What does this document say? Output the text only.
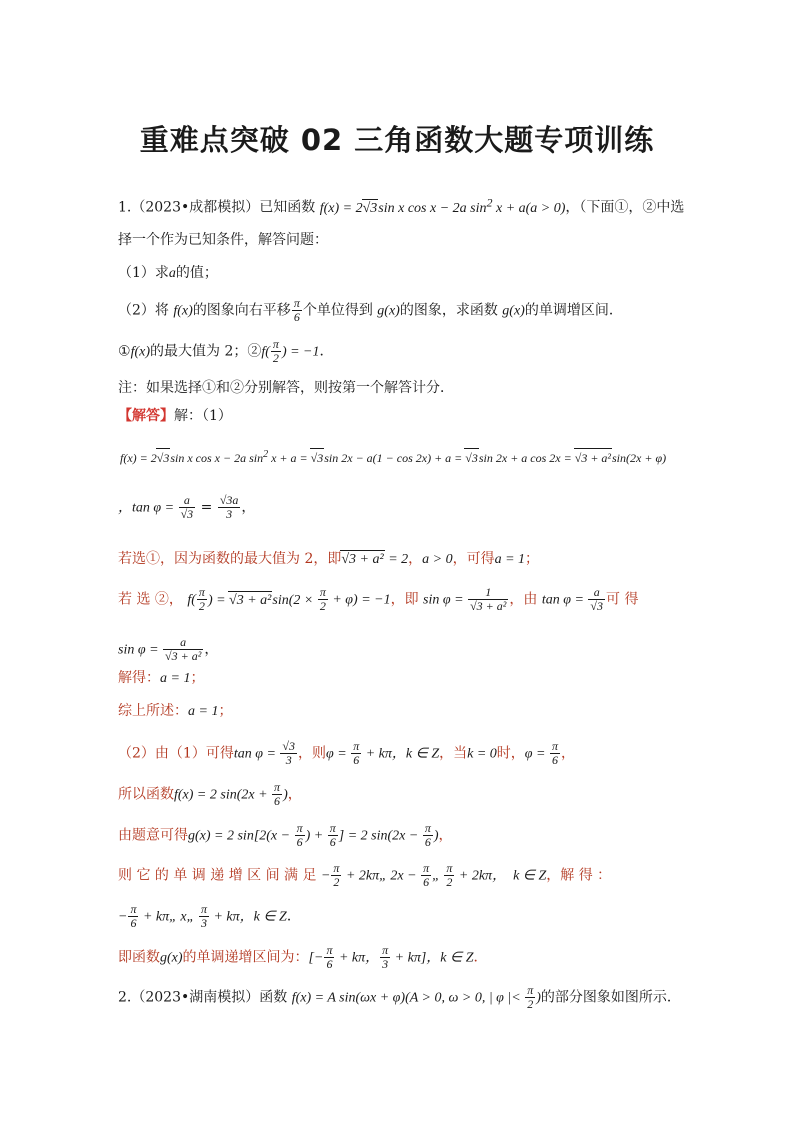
重难点突破 02 三角函数大题专项训练
1.（2023•成都模拟）已知函数 f(x) = 2√3sin x cos x − 2a $\sin^2 x + a(a > 0)$，（下面①，②中选
择一个作为已知条件，解答问题：
（1）求a的值；
（2）将 f(x)的图象向右平移 $\frac{\pi}{6}$ 个单位得到 g(x)的图象，求函数 g(x)的单调增区间．
①f(x)的最大值为 2；②f( $\frac{\pi}{2}$ ) = −1．
注：如果选择①和②分别解答，则按第一个解答计分．
【解答】解：（1）
f(x) = 2√3sin x cos x − 2a $\sin^2 x + a = √3\sin$ 2x − a(1 − cos 2x) + a = √3sin 2x + a cos 2x = √3 + a²sin(2x + φ)
，$\tan \varphi = \frac{a}{√3} = \frac{√3a}{3}$ ，
若选①，因为函数的最大值为 2，即√3 + a² = 2，a > 0，可得a = 1；
若 选 ②， $f( \frac{\pi}{2}$ ) = $√3 + a^2\sin(2 \times \frac{\pi}{2} + \varphi) = -1$，即 $\sin \varphi = \frac{1}{\text{√3 + a²}}$ ，由 $\tan \varphi = \frac{a}{√3}$ 可 得
$\sin \varphi = \frac{a}{\text{√3 + a²}}$ ，
解得：a = 1；
综上所述：a = 1；
（2）由（1）可得$\tan \varphi = \frac{√3}{3}$ ，则$\varphi = \frac{\pi}{6} + k\pi$，k ∈ Z，当k = 0时，$\varphi = \frac{\pi}{6}$ ，
所以函数f(x) = 2 $\sin(2x + \frac{\pi}{6}$ )，
由题意可得g(x) = 2 $\sin[2(x - \frac{\pi}{6}$ ) + $\frac{\pi}{6}$ ] = 2 $\sin(2x - \frac{\pi}{6}$ )，
则 它 的 单 调 递 增 区 间 满 足 − $\frac{\pi}{2}$ + 2kπ„ $2x - \frac{\pi}{6}$ „ $\frac{\pi}{2} + 2k\pi$，  k ∈ Z，解 得 ：
− $\frac{\pi}{6}$ + kπ„ x„ $\frac{\pi}{3} + k\pi$，k ∈ Z．
即函数g(x)的单调递增区间为：[− $\frac{\pi}{6} + k\pi$， $\frac{\pi}{3} + k\pi$]，k ∈ Z．
2.（2023•湖南模拟）函数 f(x) = A sin(ωx + φ)(A > 0, ω > 0, | φ |< $\frac{\pi}{2}$ )的部分图象如图所示．
